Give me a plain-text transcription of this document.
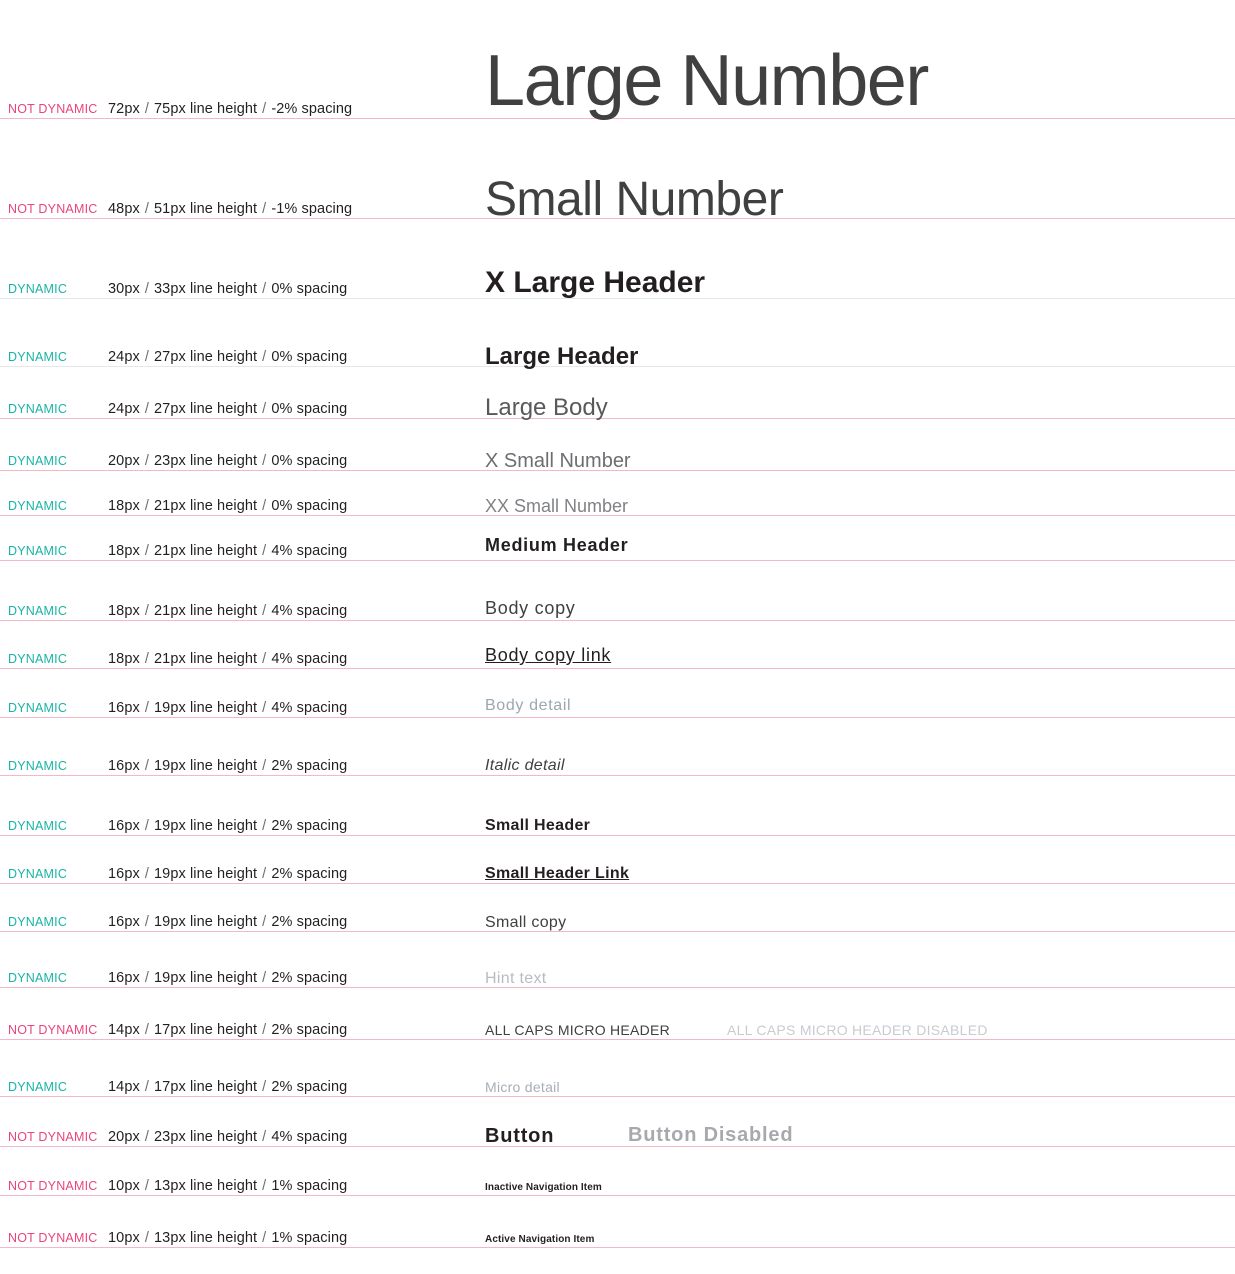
NOT DYNAMIC 72px / 75px line height / -2% spacing	Large Number
NOT DYNAMIC 48px / 51px line height / -1% spacing	Small Number
DYNAMIC	30px / 33px line height / 0% spacing	X Large Header
DYNAMIC	24px / 27px line height / 0% spacing	Large Header
DYNAMIC	24px / 27px line height / 0% spacing	Large Body
DYNAMIC	20px / 23px line height / 0% spacing	X Small Number
DYNAMIC	18px / 21px line height / 0% spacing	XX Small Number
DYNAMIC	18px / 21px line height / 4% spacing	Medium Header
DYNAMIC	18px / 21px line height / 4% spacing	Body copy
DYNAMIC	18px / 21px line height / 4% spacing	Body copy link
DYNAMIC	16px / 19px line height / 4% spacing	Body detail
DYNAMIC	16px / 19px line height / 2% spacing	Italic detail
DYNAMIC	16px / 19px line height / 2% spacing	Small Header
DYNAMIC	16px / 19px line height / 2% spacing	Small Header Link
DYNAMIC	16px / 19px line height / 2% spacing	Small copy
DYNAMIC	16px / 19px line height / 2% spacing	Hint text
NOT DYNAMIC 14px / 17px line height / 2% spacing	ALL CAPS MICRO HEADER	ALL CAPS MICRO HEADER DISABLED
DYNAMIC	14px / 17px line height / 2% spacing	Micro detail
NOT DYNAMIC 20px / 23px line height / 4% spacing	Button	Button Disabled
NOT DYNAMIC 10px / 13px line height / 1% spacing	Inactive Navigation Item
NOT DYNAMIC 10px / 13px line height / 1% spacing	Active Navigation Item
